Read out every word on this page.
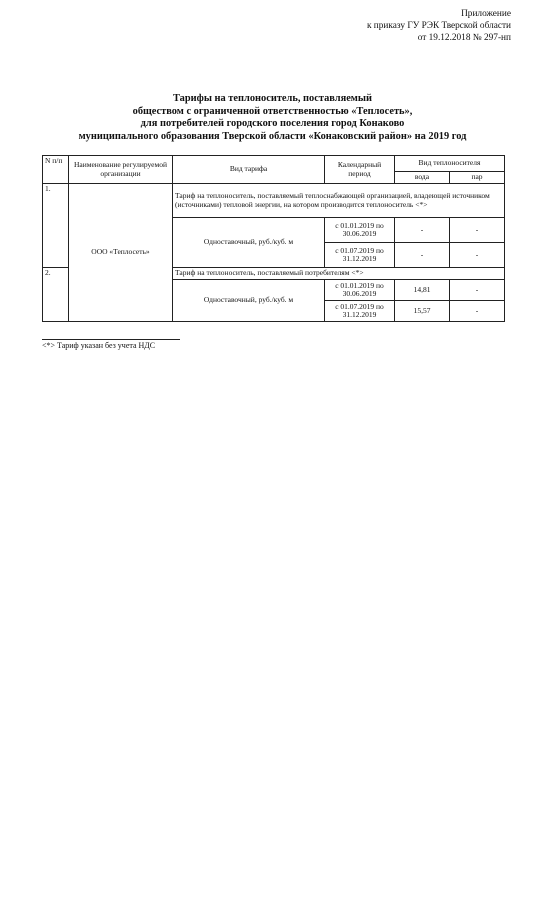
Приложение
к приказу ГУ РЭК Тверской области
от 19.12.2018 № 297-нп
Тарифы на теплоноситель, поставляемый
обществом с ограниченной ответственностью «Теплосеть»,
для потребителей городского поселения город Конаково
муниципального образования Тверской области «Конаковский район» на 2019 год
N п/п	Наименование регулируемой организации	Вид тарифа	Календарный период	Вид теплоносителя	
				вода	пар
1.	ООО «Теплосеть»	Тариф на теплоноситель, поставляемый теплоснабжающей организацией, владеющей источником (источниками) тепловой энергии, на котором производится теплоноситель <*>			
		Одноставочный, руб./куб. м	с 01.01.2019 по 30.06.2019	-	-
			с 01.07.2019 по 31.12.2019	-	-
2.		Тариф на теплоноситель, поставляемый потребителям <*>			
		Одноставочный, руб./куб. м	с 01.01.2019 по 30.06.2019	14,81	-
			с 01.07.2019 по 31.12.2019	15,57	-
<*> Тариф указан без учета НДС
